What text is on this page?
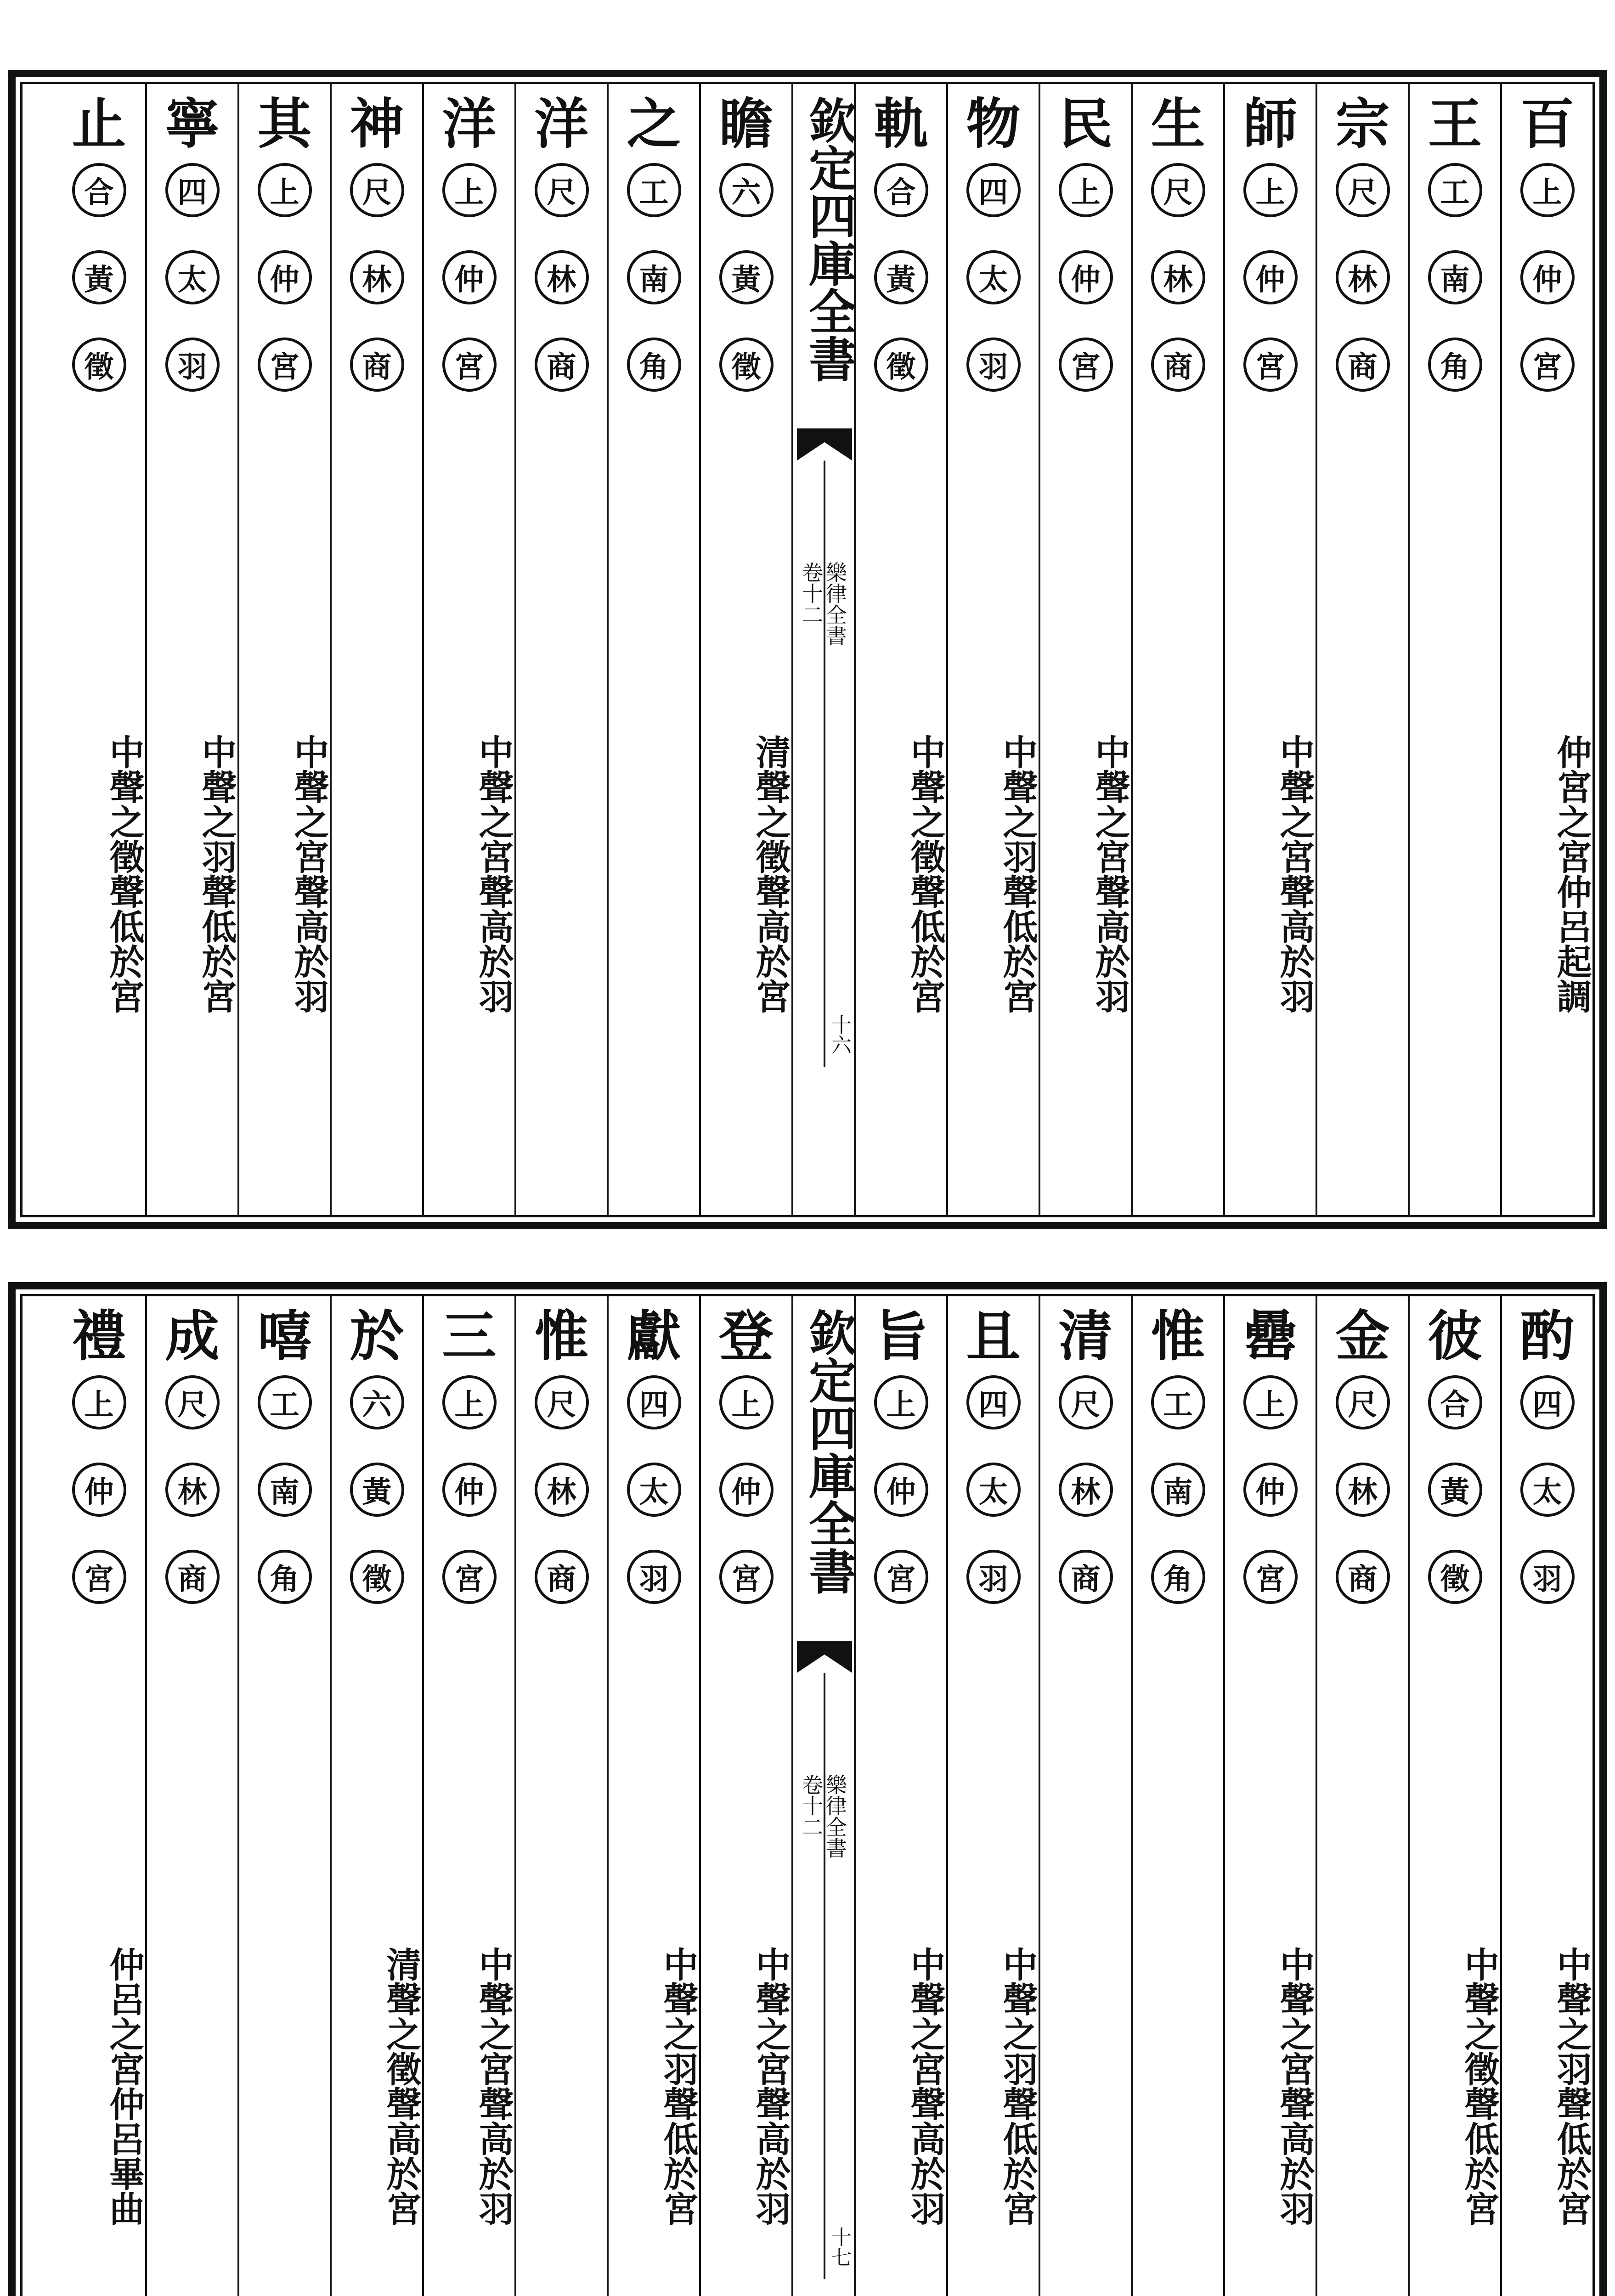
百
上
仲
宮
仲宮之宮仲呂起調
王
工
南
角
宗
尺
林
商
師
上
仲
宮
中聲之宮聲高於羽
生
尺
林
商
民
上
仲
宮
中聲之宮聲高於羽
物
四
太
羽
中聲之羽聲低於宮
軌
合
黃
徵
中聲之徵聲低於宮
欽定四庫全書
樂律全書
卷十二
十六
瞻
六
黃
徵
清聲之徵聲高於宮
之
工
南
角
洋
尺
林
商
洋
上
仲
宮
中聲之宮聲高於羽
神
尺
林
商
其
上
仲
宮
中聲之宮聲高於羽
寧
四
太
羽
中聲之羽聲低於宮
止
合
黃
徵
中聲之徵聲低於宮
酌
四
太
羽
中聲之羽聲低於宮
彼
合
黃
徵
中聲之徵聲低於宮
金
尺
林
商
罍
上
仲
宮
中聲之宮聲高於羽
惟
工
南
角
清
尺
林
商
且
四
太
羽
中聲之羽聲低於宮
旨
上
仲
宮
中聲之宮聲高於羽
欽定四庫全書
樂律全書
卷十二
十七
登
上
仲
宮
中聲之宮聲高於羽
獻
四
太
羽
中聲之羽聲低於宮
惟
尺
林
商
三
上
仲
宮
中聲之宮聲高於羽
於
六
黃
徵
清聲之徵聲高於宮
嘻
工
南
角
成
尺
林
商
禮
上
仲
宮
仲呂之宮仲呂畢曲
